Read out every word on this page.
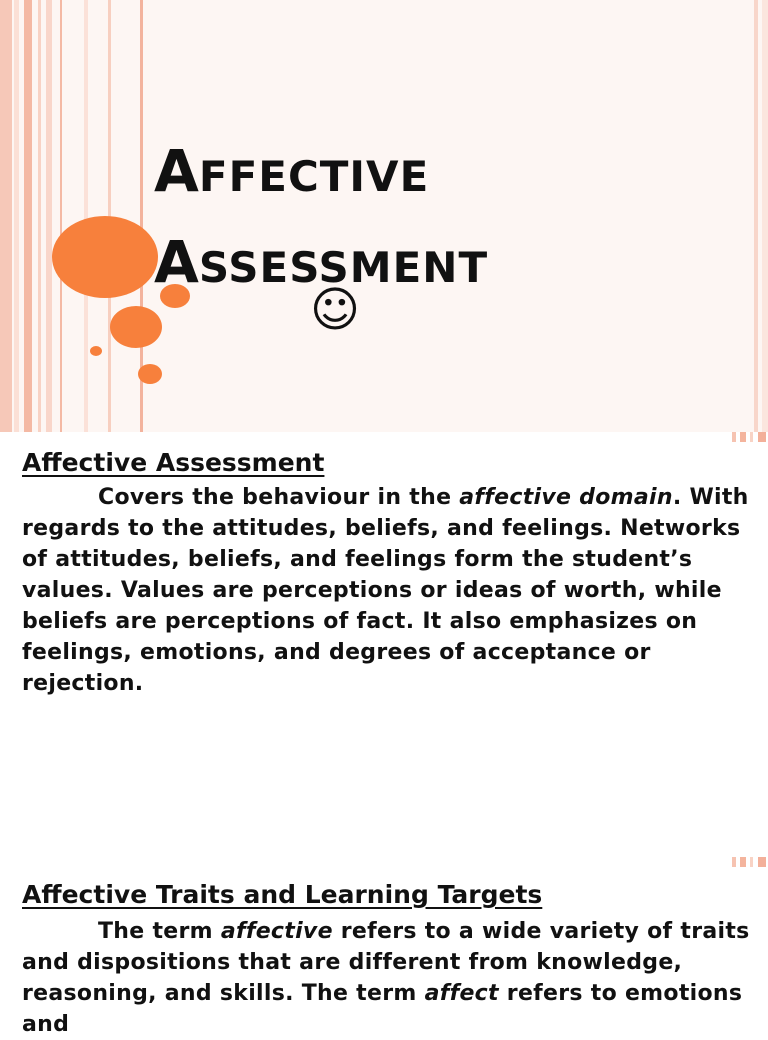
AFFECTIVE
ASSESSMENT
☺
Affective Assessment

Covers the behaviour in the affective domain. With regards to the attitudes, beliefs, and feelings. Networks of attitudes, beliefs, and feelings form the student’s values. Values are perceptions or ideas of worth, while beliefs are perceptions of fact. It also emphasizes on feelings, emotions, and degrees of acceptance or rejection.

Affective Traits and Learning Targets

The term affective refers to a wide variety of traits and dispositions that are different from knowledge, reasoning, and skills. The term affect refers to emotions and
